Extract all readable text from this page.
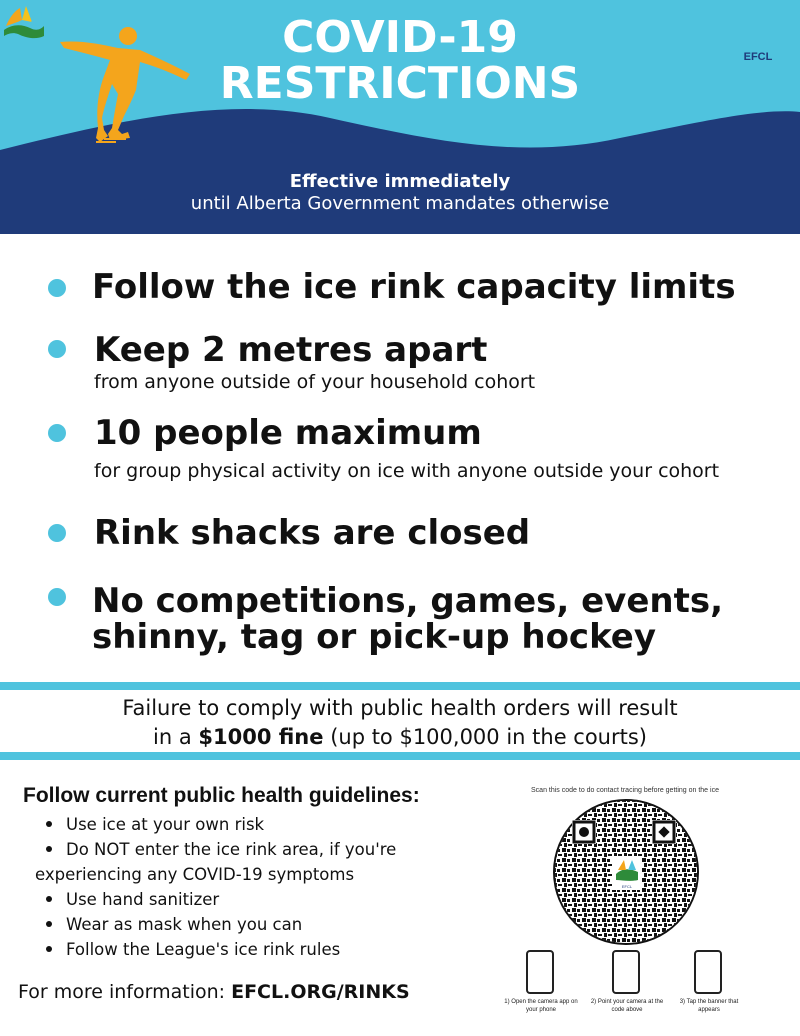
COVID-19
RESTRICTIONS
EFCL
Effective immediately
until Alberta Government mandates otherwise
Follow the ice rink capacity limits
Keep 2 metres apart
from anyone outside of your household cohort
10 people maximum
for group physical activity on ice with anyone outside your cohort
Rink shacks are closed
No competitions, games, events,
shinny, tag or pick-up hockey
Failure to comply with public health orders will result
in a $1000 fine (up to $100,000 in the courts)
Follow current public health guidelines:
Use ice at your own risk
Do NOT enter the ice rink area, if you're
experiencing any COVID-19 symptoms
Use hand sanitizer
Wear as mask when you can
Follow the League's ice rink rules
For more information: EFCL.ORG/RINKS
Scan this code to do contact tracing before getting on the ice
EFCL
1) Open the camera app on your phone
2) Point your camera at the code above
3) Tap the banner that appears
